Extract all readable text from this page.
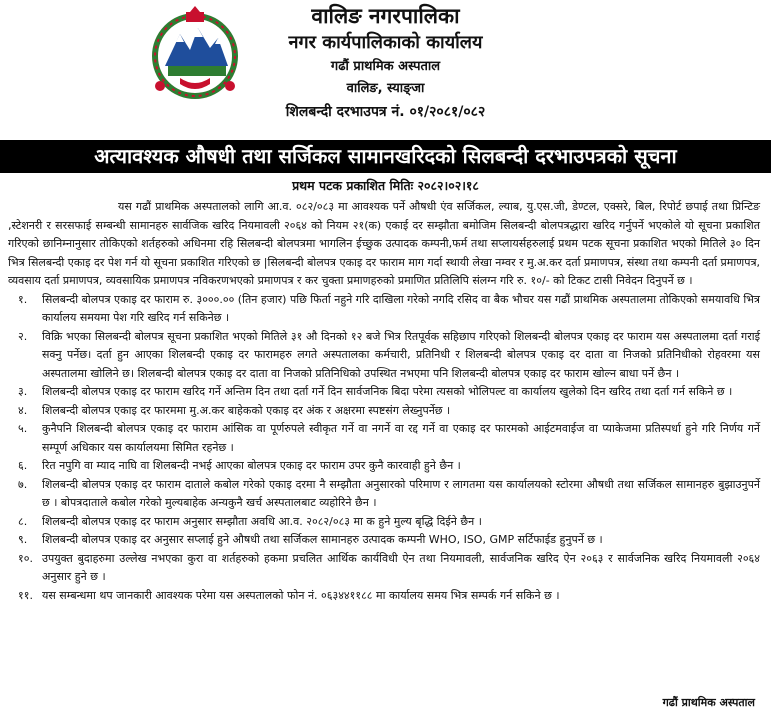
वालिङ नगरपालिका
नगर कार्यपालिकाको कार्यालय
गढौं प्राथमिक अस्पताल
वालिङ, स्याङ्जा
शिलबन्दी दरभाउपत्र नं. ०१/२०८१/०८२
अत्यावश्यक औषधी तथा सर्जिकल सामानखरिदको सिलबन्दी दरभाउपत्रको सूचना
प्रथम पटक प्रकाशित मितिः २०८२।०२।१८

यस गढौं प्राथमिक अस्पतालको लागि आ.व. ०८२/०८३ मा आवश्यक पर्ने औषधी एंव सर्जिकल, ल्याब, यु.एस.जी, डेण्टल, एक्सरे, बिल, रिपोर्ट छपाई तथा प्रिन्टिङ ,स्टेशनरी र सरसफाई सम्बन्धी सामानहरु सार्वजिक खरिद नियमावली २०६४ को नियम २१(क) एकाई दर सम्झौता बमोजिम सिलबन्दी बोलपत्रद्धारा खरिद गर्नुपर्ने भएकोले यो सूचना प्रकाशित गरिएको छानिम्नानुसार तोकिएको शर्तहरुको अधिनमा रहि सिलबन्दी बोलपत्रमा भागलिन ईच्छुक उत्पादक कम्पनी,फर्म तथा सप्लायर्सहरुलाई प्रथम पटक सूचना प्रकाशित भएको मितिले ३० दिन भित्र सिलबन्दी एकाइ दर पेश गर्न यो सूचना प्रकाशित गरिएको छ |सिलबन्दी बोलपत्र एकाइ दर फाराम माग गर्दा स्थायी लेखा नम्वर र मु.अ.कर दर्ता प्रमाणपत्र, संस्था तथा कम्पनी दर्ता प्रमाणपत्र, व्यवसाय दर्ता प्रमाणपत्र, व्यवसायिक प्रमाणपत्र नविकरणभएको प्रमाणपत्र र कर चुक्ता प्रमाणहरुको प्रमाणित प्रतिलिपि संलग्न गरि रु. १०/- को टिकट टासी निवेदन दिनुपर्ने छ ।

१.	सिलबन्दी बोलपत्र एकाइ दर फाराम रु. ३०००.०० (तिन हजार) पछि फिर्ता नहुने गरि दाखिला गरेको नगदि रसिद वा बैक भौचर यस गढौं प्राथमिक अस्पतालमा तोकिएको समयावधि भित्र कार्यालय समयमा पेश गरि खरिद गर्न सकिनेछ ।
२.	विक्रि भएका सिलबन्दी बोलपत्र सूचना प्रकाशित भएको मितिले ३१ औ दिनको १२ बजे भित्र रितपूर्वक सहिछाप गरिएको शिलबन्दी बोलपत्र एकाइ दर फाराम यस अस्पतालमा दर्ता गराई सक्नु पर्नेछ। दर्ता हुन आएका शिलबन्दी एकाइ दर फारामहरु लगते अस्पतालका कर्मचारी, प्रतिनिधी र शिलबन्दी बोलपत्र एकाइ दर दाता वा निजको प्रतिनिधीको रोहवरमा यस अस्पतालमा खोलिने छ। शिलबन्दी बोलपत्र एकाइ दर दाता वा निजको प्रतिनिधिको उपस्थित नभएमा पनि शिलबन्दी बोलपत्र एकाइ दर फाराम खोल्न बाधा पर्ने छैन ।
३.	शिलबन्दी बोलपत्र एकाइ दर फाराम खरिद गर्ने अन्तिम दिन तथा दर्ता गर्ने दिन सार्वजनिक बिदा परेमा त्यसको भोलिपल्ट वा कार्यालय खुलेको दिन खरिद तथा दर्ता गर्न सकिने छ ।
४.	शिलबन्दी बोलपत्र एकाइ दर फारममा मु.अ.कर बाहेकको एकाइ दर अंक र अक्षरमा स्पष्टसंग लेख्नुपर्नेछ ।
५.	कुनैपनि शिलबन्दी बोलपत्र एकाइ दर फाराम आंसिक वा पूर्णरुपले स्वीकृत गर्ने वा नगर्ने वा रद्द गर्ने वा एकाइ दर फारमको आईटमवाईज वा प्याकेजमा प्रतिस्पर्धा हुने गरि निर्णय गर्ने सम्पूर्ण अधिकार यस कार्यालयमा सिमित रहनेछ ।
६.	रित नपुगि वा म्याद नाघि वा शिलबन्दी नभई आएका बोलपत्र एकाइ दर फाराम उपर कुनै कारवाही हुने छैन ।
७.	शिलबन्दी बोलपत्र एकाइ दर फाराम दाताले कबोल गरेको एकाइ दरमा नै सम्झौता अनुसारको परिमाण र लागतमा यस कार्यालयको स्टोरमा औषधी तथा सर्जिकल सामानहरु बुझाउनुपर्ने छ । बोपत्रदाताले कबोल गरेको मुल्यबाहेक अन्यकुनै खर्च अस्पतालबाट व्यहोरिने छैन ।
८.	शिलबन्दी बोलपत्र एकाइ दर फाराम अनुसार सम्झौता अवधि आ.व. २०८२/०८३ मा क हुने मुल्य बृद्धि दिईने छैन ।
९.	शिलबन्दी बोलपत्र एकाइ दर अनुसार सप्लाई हुने औषधी तथा सर्जिकल सामानहरु उत्पादक कम्पनी WHO, ISO, GMP सर्टिफाईड हुनुपर्ने छ ।
१०. उपयुक्त बुदाहरुमा उल्लेख नभएका कुरा वा शर्तहरुको हकमा प्रचलित आर्थिक कार्यविधी ऐन तथा नियमावली, सार्वजनिक खरिद ऐन २०६३ र सार्वजनिक खरिद नियमावली २०६४ अनुसार हुने छ ।
११. यस सम्बन्धमा थप जानकारी आवश्यक परेमा यस अस्पतालको फोन नं. ०६३४४११८८ मा कार्यालय समय भित्र सम्पर्क गर्न सकिने छ ।
गढौं प्राथमिक अस्पताल
